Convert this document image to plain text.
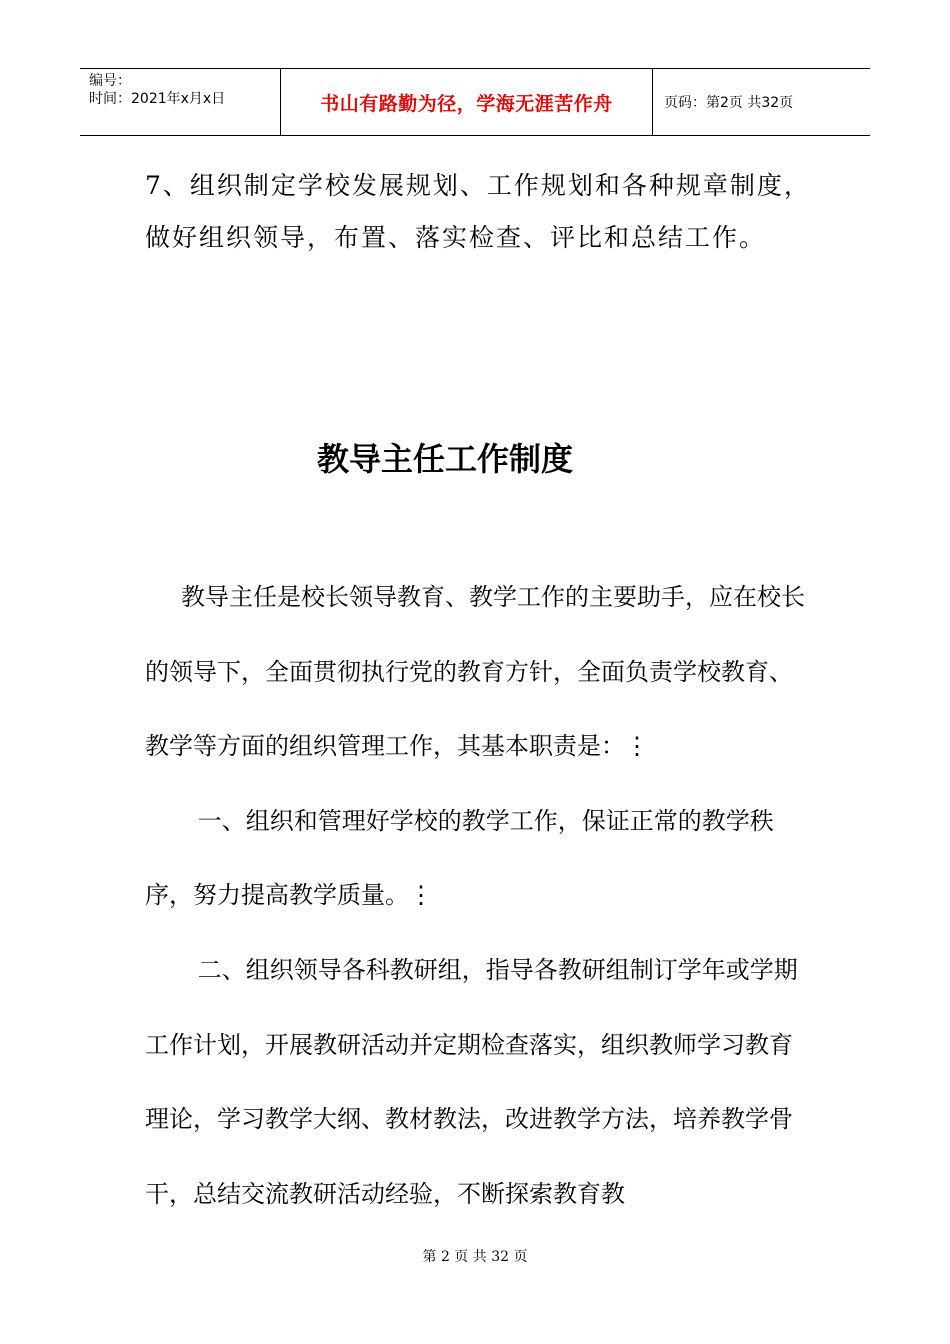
编号：
时间：2021年x月x日	书山有路勤为径，学海无涯苦作舟	页码：第2页 共32页

7、组织制定学校发展规划、工作规划和各种规章制度，做好组织领导，布置、落实检查、评比和总结工作。

教导主任工作制度

教导主任是校长领导教育、教学工作的主要助手，应在校长的领导下，全面贯彻执行党的教育方针，全面负责学校教育、教学等方面的组织管理工作，其基本职责是：⋮

一、组织和管理好学校的教学工作，保证正常的教学秩序，努力提高教学质量。⋮

二、组织领导各科教研组，指导各教研组制订学年或学期工作计划，开展教研活动并定期检查落实，组织教师学习教育理论，学习教学大纲、教材教法，改进教学方法，培养教学骨干，总结交流教研活动经验，不断探索教育教

第 2 页 共 32 页
